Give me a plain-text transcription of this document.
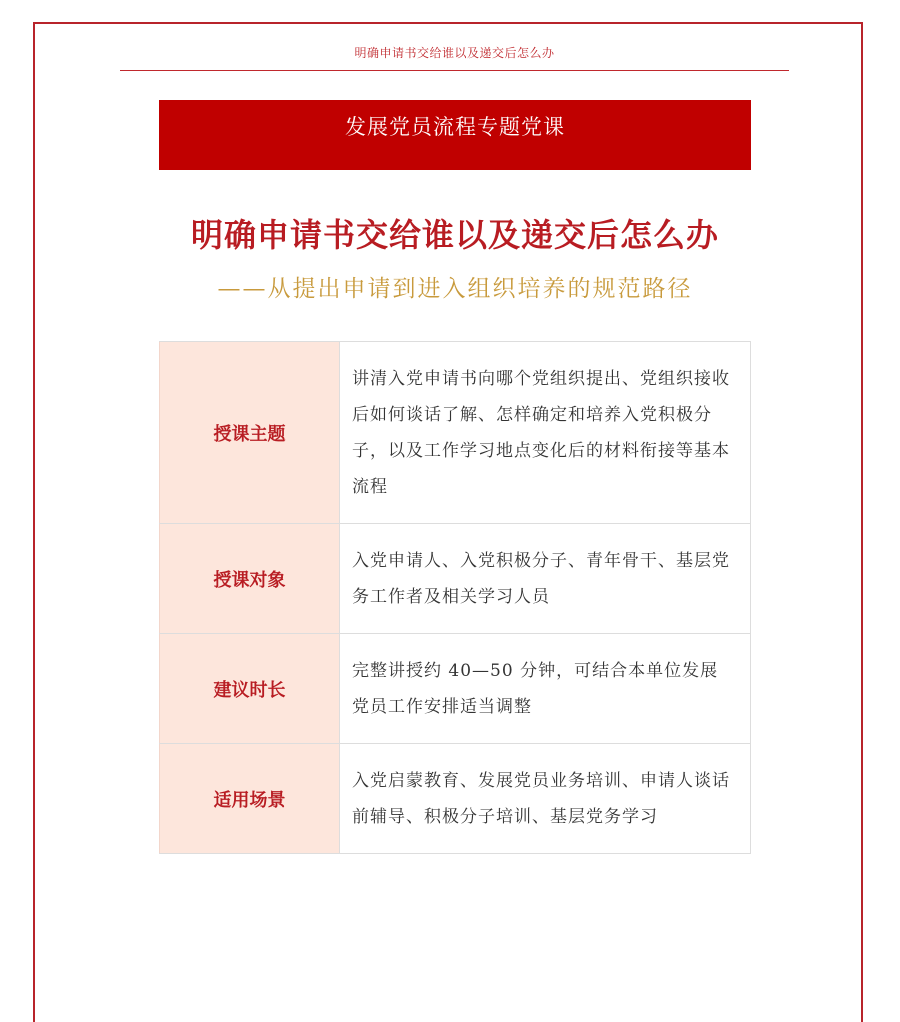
明确申请书交给谁以及递交后怎么办
发展党员流程专题党课
明确申请书交给谁以及递交后怎么办
——从提出申请到进入组织培养的规范路径
授课主题	讲清入党申请书向哪个党组织提出、党组织接收后如何谈话了解、怎样确定和培养入党积极分子，以及工作学习地点变化后的材料衔接等基本流程
授课对象	入党申请人、入党积极分子、青年骨干、基层党务工作者及相关学习人员
建议时长	完整讲授约 40—50 分钟，可结合本单位发展党员工作安排适当调整
适用场景	入党启蒙教育、发展党员业务培训、申请人谈话前辅导、积极分子培训、基层党务学习
